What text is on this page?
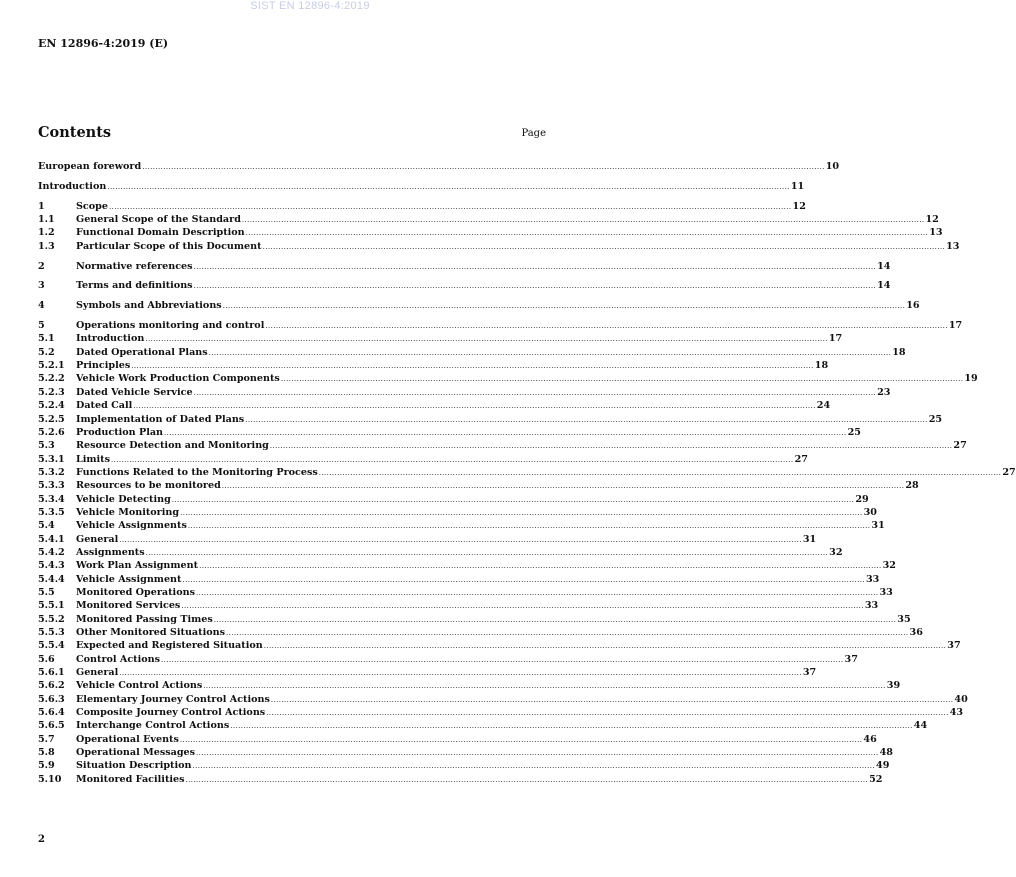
SIST EN 12896-4:2019
EN 12896-4:2019 (E)
Contents	Page
European foreword .................................................................................................................................................................................................................................................................... 10
Introduction .................................................................................................................................................................................................................................................................... 11
1	Scope .................................................................................................................................................................................................................................................................... 12
1.1	General Scope of the Standard .................................................................................................................................................................................................................................................................... 12
1.2	Functional Domain Description .................................................................................................................................................................................................................................................................... 13
1.3	Particular Scope of this Document .................................................................................................................................................................................................................................................................... 13
2	Normative references .................................................................................................................................................................................................................................................................... 14
3	Terms and definitions .................................................................................................................................................................................................................................................................... 14
4	Symbols and Abbreviations .................................................................................................................................................................................................................................................................... 16
5	Operations monitoring and control .................................................................................................................................................................................................................................................................... 17
5.1	Introduction .................................................................................................................................................................................................................................................................... 17
5.2	Dated Operational Plans .................................................................................................................................................................................................................................................................... 18
5.2.1	Principles .................................................................................................................................................................................................................................................................... 18
5.2.2	Vehicle Work Production Components .................................................................................................................................................................................................................................................................... 19
5.2.3	Dated Vehicle Service .................................................................................................................................................................................................................................................................... 23
5.2.4	Dated Call .................................................................................................................................................................................................................................................................... 24
5.2.5	Implementation of Dated Plans .................................................................................................................................................................................................................................................................... 25
5.2.6	Production Plan .................................................................................................................................................................................................................................................................... 25
5.3	Resource Detection and Monitoring .................................................................................................................................................................................................................................................................... 27
5.3.1	Limits .................................................................................................................................................................................................................................................................... 27
5.3.2	Functions Related to the Monitoring Process .................................................................................................................................................................................................................................................................... 27
5.3.3	Resources to be monitored .................................................................................................................................................................................................................................................................... 28
5.3.4	Vehicle Detecting .................................................................................................................................................................................................................................................................... 29
5.3.5	Vehicle Monitoring .................................................................................................................................................................................................................................................................... 30
5.4	Vehicle Assignments .................................................................................................................................................................................................................................................................... 31
5.4.1	General .................................................................................................................................................................................................................................................................... 31
5.4.2	Assignments .................................................................................................................................................................................................................................................................... 32
5.4.3	Work Plan Assignment .................................................................................................................................................................................................................................................................... 32
5.4.4	Vehicle Assignment .................................................................................................................................................................................................................................................................... 33
5.5	Monitored Operations .................................................................................................................................................................................................................................................................... 33
5.5.1	Monitored Services .................................................................................................................................................................................................................................................................... 33
5.5.2	Monitored Passing Times .................................................................................................................................................................................................................................................................... 35
5.5.3	Other Monitored Situations .................................................................................................................................................................................................................................................................... 36
5.5.4	Expected and Registered Situation .................................................................................................................................................................................................................................................................... 37
5.6	Control Actions .................................................................................................................................................................................................................................................................... 37
5.6.1	General .................................................................................................................................................................................................................................................................... 37
5.6.2	Vehicle Control Actions .................................................................................................................................................................................................................................................................... 39
5.6.3	Elementary Journey Control Actions .................................................................................................................................................................................................................................................................... 40
5.6.4	Composite Journey Control Actions .................................................................................................................................................................................................................................................................... 43
5.6.5	Interchange Control Actions .................................................................................................................................................................................................................................................................... 44
5.7	Operational Events .................................................................................................................................................................................................................................................................... 46
5.8	Operational Messages .................................................................................................................................................................................................................................................................... 48
5.9	Situation Description .................................................................................................................................................................................................................................................................... 49
5.10	Monitored Facilities .................................................................................................................................................................................................................................................................... 52
2
